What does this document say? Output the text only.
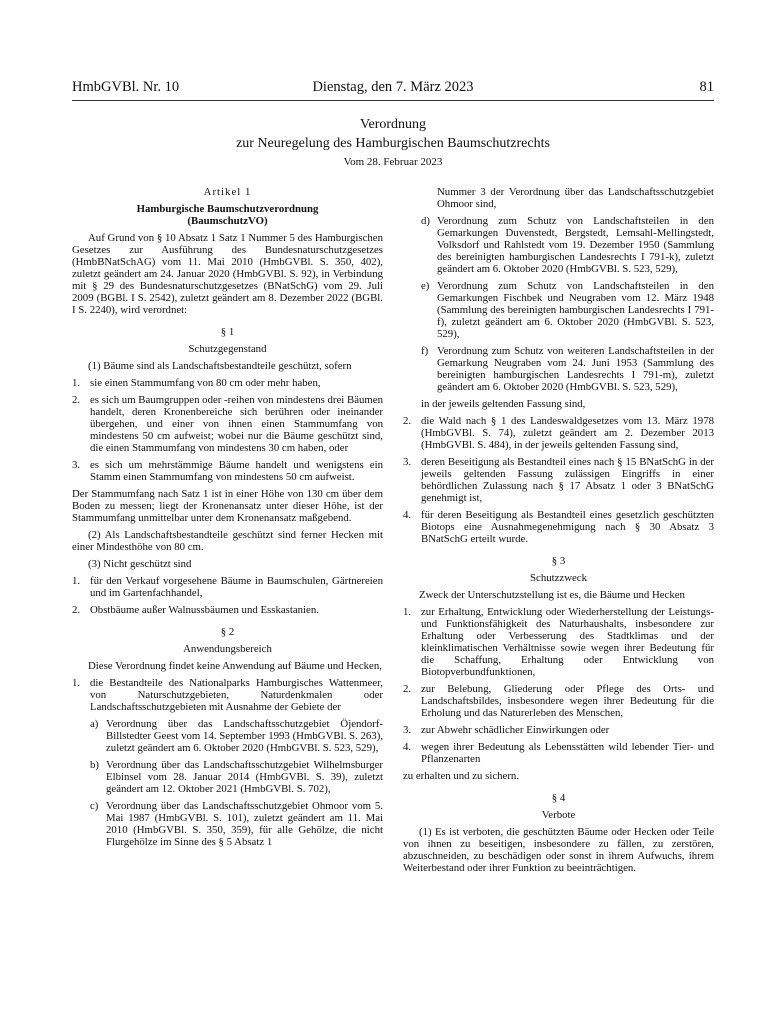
HmbGVBl. Nr. 10	Dienstag, den 7. März 2023	81
Verordnung
zur Neuregelung des Hamburgischen Baumschutzrechts
Vom 28. Februar 2023
Artikel 1
Hamburgische Baumschutzverordnung
(BaumschutzVO)

Auf Grund von § 10 Absatz 1 Satz 1 Nummer 5 des Hamburgischen Gesetzes zur Ausführung des Bundesnaturschutzgesetzes (HmbBNatSchAG) vom 11. Mai 2010 (HmbGVBl. S. 350, 402), zuletzt geändert am 24. Januar 2020 (HmbGVBl. S. 92), in Verbindung mit § 29 des Bundesnaturschutzgesetzes (BNatSchG) vom 29. Juli 2009 (BGBl. I S. 2542), zuletzt geändert am 8. Dezember 2022 (BGBl. I S. 2240), wird verordnet:

§ 1
Schutzgegenstand

(1) Bäume sind als Landschaftsbestandteile geschützt, sofern

1. sie einen Stammumfang von 80 cm oder mehr haben,
2. es sich um Baumgruppen oder -reihen von mindestens drei Bäumen handelt, deren Kronenbereiche sich berühren oder ineinander übergehen, und einer von ihnen einen Stammumfang von mindestens 50 cm aufweist; wobei nur die Bäume geschützt sind, die einen Stammumfang von mindestens 30 cm haben, oder
3. es sich um mehrstämmige Bäume handelt und wenigstens ein Stamm einen Stammumfang von mindestens 50 cm aufweist.

Der Stammumfang nach Satz 1 ist in einer Höhe von 130 cm über dem Boden zu messen; liegt der Kronenansatz unter dieser Höhe, ist der Stammumfang unmittelbar unter dem Kronenansatz maßgebend.

(2) Als Landschaftsbestandteile geschützt sind ferner Hecken mit einer Mindesthöhe von 80 cm.

(3) Nicht geschützt sind

1. für den Verkauf vorgesehene Bäume in Baumschulen, Gärtnereien und im Gartenfachhandel,
2. Obstbäume außer Walnussbäumen und Esskastanien.
§ 2
Anwendungsbereich

Diese Verordnung findet keine Anwendung auf Bäume und Hecken,

1. die Bestandteile des Nationalparks Hamburgisches Wattenmeer, von Naturschutzgebieten, Naturdenkmalen oder Landschaftsschutzgebieten mit Ausnahme der Gebiete der
a) Verordnung über das Landschaftsschutzgebiet Öjendorf-Billstedter Geest vom 14. September 1993 (HmbGVBl. S. 263), zuletzt geändert am 6. Oktober 2020 (HmbGVBl. S. 523, 529),
b) Verordnung über das Landschaftsschutzgebiet Wilhelmsburger Elbinsel vom 28. Januar 2014 (HmbGVBl. S. 39), zuletzt geändert am 12. Oktober 2021 (HmbGVBl. S. 702),
c) Verordnung über das Landschaftsschutzgebiet Ohmoor vom 5. Mai 1987 (HmbGVBl. S. 101), zuletzt geändert am 11. Mai 2010 (HmbGVBl. S. 350, 359), für alle Gehölze, die nicht Flurgehölze im Sinne des § 5 Absatz 1

Nummer 3 der Verordnung über das Landschaftsschutzgebiet Ohmoor sind,

d) Verordnung zum Schutz von Landschaftsteilen in den Gemarkungen Duvenstedt, Bergstedt, Lemsahl-Mellingstedt, Volksdorf und Rahlstedt vom 19. Dezember 1950 (Sammlung des bereinigten hamburgischen Landesrechts I 791-k), zuletzt geändert am 6. Oktober 2020 (HmbGVBl. S. 523, 529),
e) Verordnung zum Schutz von Landschaftsteilen in den Gemarkungen Fischbek und Neugraben vom 12. März 1948 (Sammlung des bereinigten hamburgischen Landesrechts I 791-f), zuletzt geändert am 6. Oktober 2020 (HmbGVBl. S. 523, 529),
f) Verordnung zum Schutz von weiteren Landschaftsteilen in der Gemarkung Neugraben vom 24. Juni 1953 (Sammlung des bereinigten hamburgischen Landesrechts I 791-m), zuletzt geändert am 6. Oktober 2020 (HmbGVBl. S. 523, 529),

in der jeweils geltenden Fassung sind,

2. die Wald nach § 1 des Landeswaldgesetzes vom 13. März 1978 (HmbGVBl. S. 74), zuletzt geändert am 2. Dezember 2013 (HmbGVBl. S. 484), in der jeweils geltenden Fassung sind,
3. deren Beseitigung als Bestandteil eines nach § 15 BNatSchG in der jeweils geltenden Fassung zulässigen Eingriffs in einer behördlichen Zulassung nach § 17 Absatz 1 oder 3 BNatSchG genehmigt ist,
4. für deren Beseitigung als Bestandteil eines gesetzlich geschützten Biotops eine Ausnahmegenehmigung nach § 30 Absatz 3 BNatSchG erteilt wurde.
§ 3
Schutzzweck

Zweck der Unterschutzstellung ist es, die Bäume und Hecken

1. zur Erhaltung, Entwicklung oder Wiederherstellung der Leistungs- und Funktionsfähigkeit des Naturhaushalts, insbesondere zur Erhaltung oder Verbesserung des Stadtklimas und der kleinklimatischen Verhältnisse sowie wegen ihrer Bedeutung für die Schaffung, Erhaltung oder Entwicklung von Biotopverbundfunktionen,
2. zur Belebung, Gliederung oder Pflege des Orts- und Landschaftsbildes, insbesondere wegen ihrer Bedeutung für die Erholung und das Naturerleben des Menschen,
3. zur Abwehr schädlicher Einwirkungen oder
4. wegen ihrer Bedeutung als Lebensstätten wild lebender Tier- und Pflanzenarten

zu erhalten und zu sichern.

§ 4
Verbote

(1) Es ist verboten, die geschützten Bäume oder Hecken oder Teile von ihnen zu beseitigen, insbesondere zu fällen, zu zerstören, abzuschneiden, zu beschädigen oder sonst in ihrem Aufwuchs, ihrem Weiterbestand oder ihrer Funktion zu beeinträchtigen.
